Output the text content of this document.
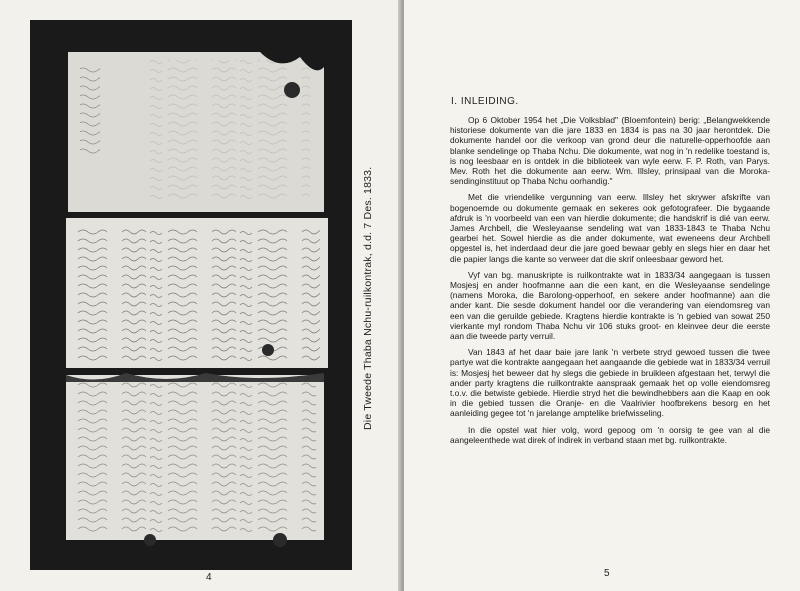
Die Tweede Thaba Nchu-ruilkontrak, d.d. 7 Des. 1833.
4
I. INLEIDING.

Op 6 Oktober 1954 het „Die Volksblad" (Bloemfontein) berig: „Belangwekkende historiese dokumente van die jare 1833 en 1834 is pas na 30 jaar herontdek. Die dokumente handel oor die verkoop van grond deur die naturelle-opperhoofde aan blanke sendelinge op Thaba Nchu. Die dokumente, wat nog in 'n redelike toestand is, is nog leesbaar en is ontdek in die biblioteek van wyle eerw. F. P. Roth, van Parys. Mev. Roth het die dokumente aan eerw. Wm. Illsley, prinsipaal van die Moroka-sendinginstituut op Thaba Nchu oorhandig."

Met die vriendelike vergunning van eerw. Illsley het skrywer afskrifte van bogenoemde ou dokumente gemaak en sekeres ook gefotografeer. Die bygaande afdruk is 'n voorbeeld van een van hierdie dokumente; die handskrif is dié van eerw. James Archbell, die Wesleyaanse sendeling wat van 1833-1843 te Thaba Nchu gearbei het. Sowel hierdie as die ander dokumente, wat eweneens deur Archbell opgestel is, het inderdaad deur die jare goed bewaar gebly en slegs hier en daar het die papier langs die kante so verweer dat die skrif onleesbaar geword het.

Vyf van bg. manuskripte is ruilkontrakte wat in 1833/34 aangegaan is tussen Mosjesj en ander hoofmanne aan die een kant, en die Wesleyaanse sendelinge (namens Moroka, die Barolong-opperhoof, en sekere ander hoofmanne) aan die ander kant. Die sesde dokument handel oor die verandering van eiendomsreg van een van die geruilde gebiede. Kragtens hierdie kontrakte is 'n gebied van sowat 250 vierkante myl rondom Thaba Nchu vir 106 stuks groot- en kleinvee deur die eerste aan die tweede party verruil.

Van 1843 af het daar baie jare lank 'n verbete stryd gewoed tussen die twee partye wat die kontrakte aangegaan het aangaande die gebiede wat in 1833/34 verruil is: Mosjesj het beweer dat hy slegs die gebiede in bruikleen afgestaan het, terwyl die ander party kragtens die ruilkontrakte aanspraak gemaak het op volle eiendomsreg t.o.v. die betwiste gebiede. Hierdie stryd het die bewindhebbers aan die Kaap en ook in die gebied tussen die Oranje- en die Vaalrivier hoofbrekens besorg en het aanleiding gegee tot 'n jarelange amptelike briefwisseling.

In die opstel wat hier volg, word gepoog om 'n oorsig te gee van al die aangeleenthede wat direk of indirek in verband staan met bg. ruilkontrakte.

5
